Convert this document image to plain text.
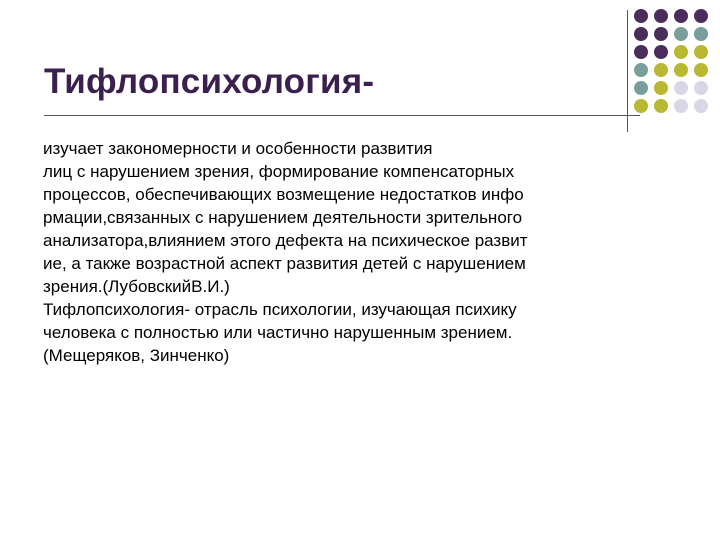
Тифлопсихология-

изучает закономерности и особенности развития
лиц с нарушением зрения, формирование компенсаторных
процессов, обеспечивающих возмещение недостатков инфо
рмации,связанных с нарушением деятельности зрительного
анализатора,влиянием этого дефекта на психическое развит
ие, а также возрастной аспект развития детей с нарушением
зрения.(ЛубовскийВ.И.)

Тифлопсихология- отрасль психологии, изучающая психику
человека с полностью или частично нарушенным зрением.

(Мещеряков, Зинченко)
